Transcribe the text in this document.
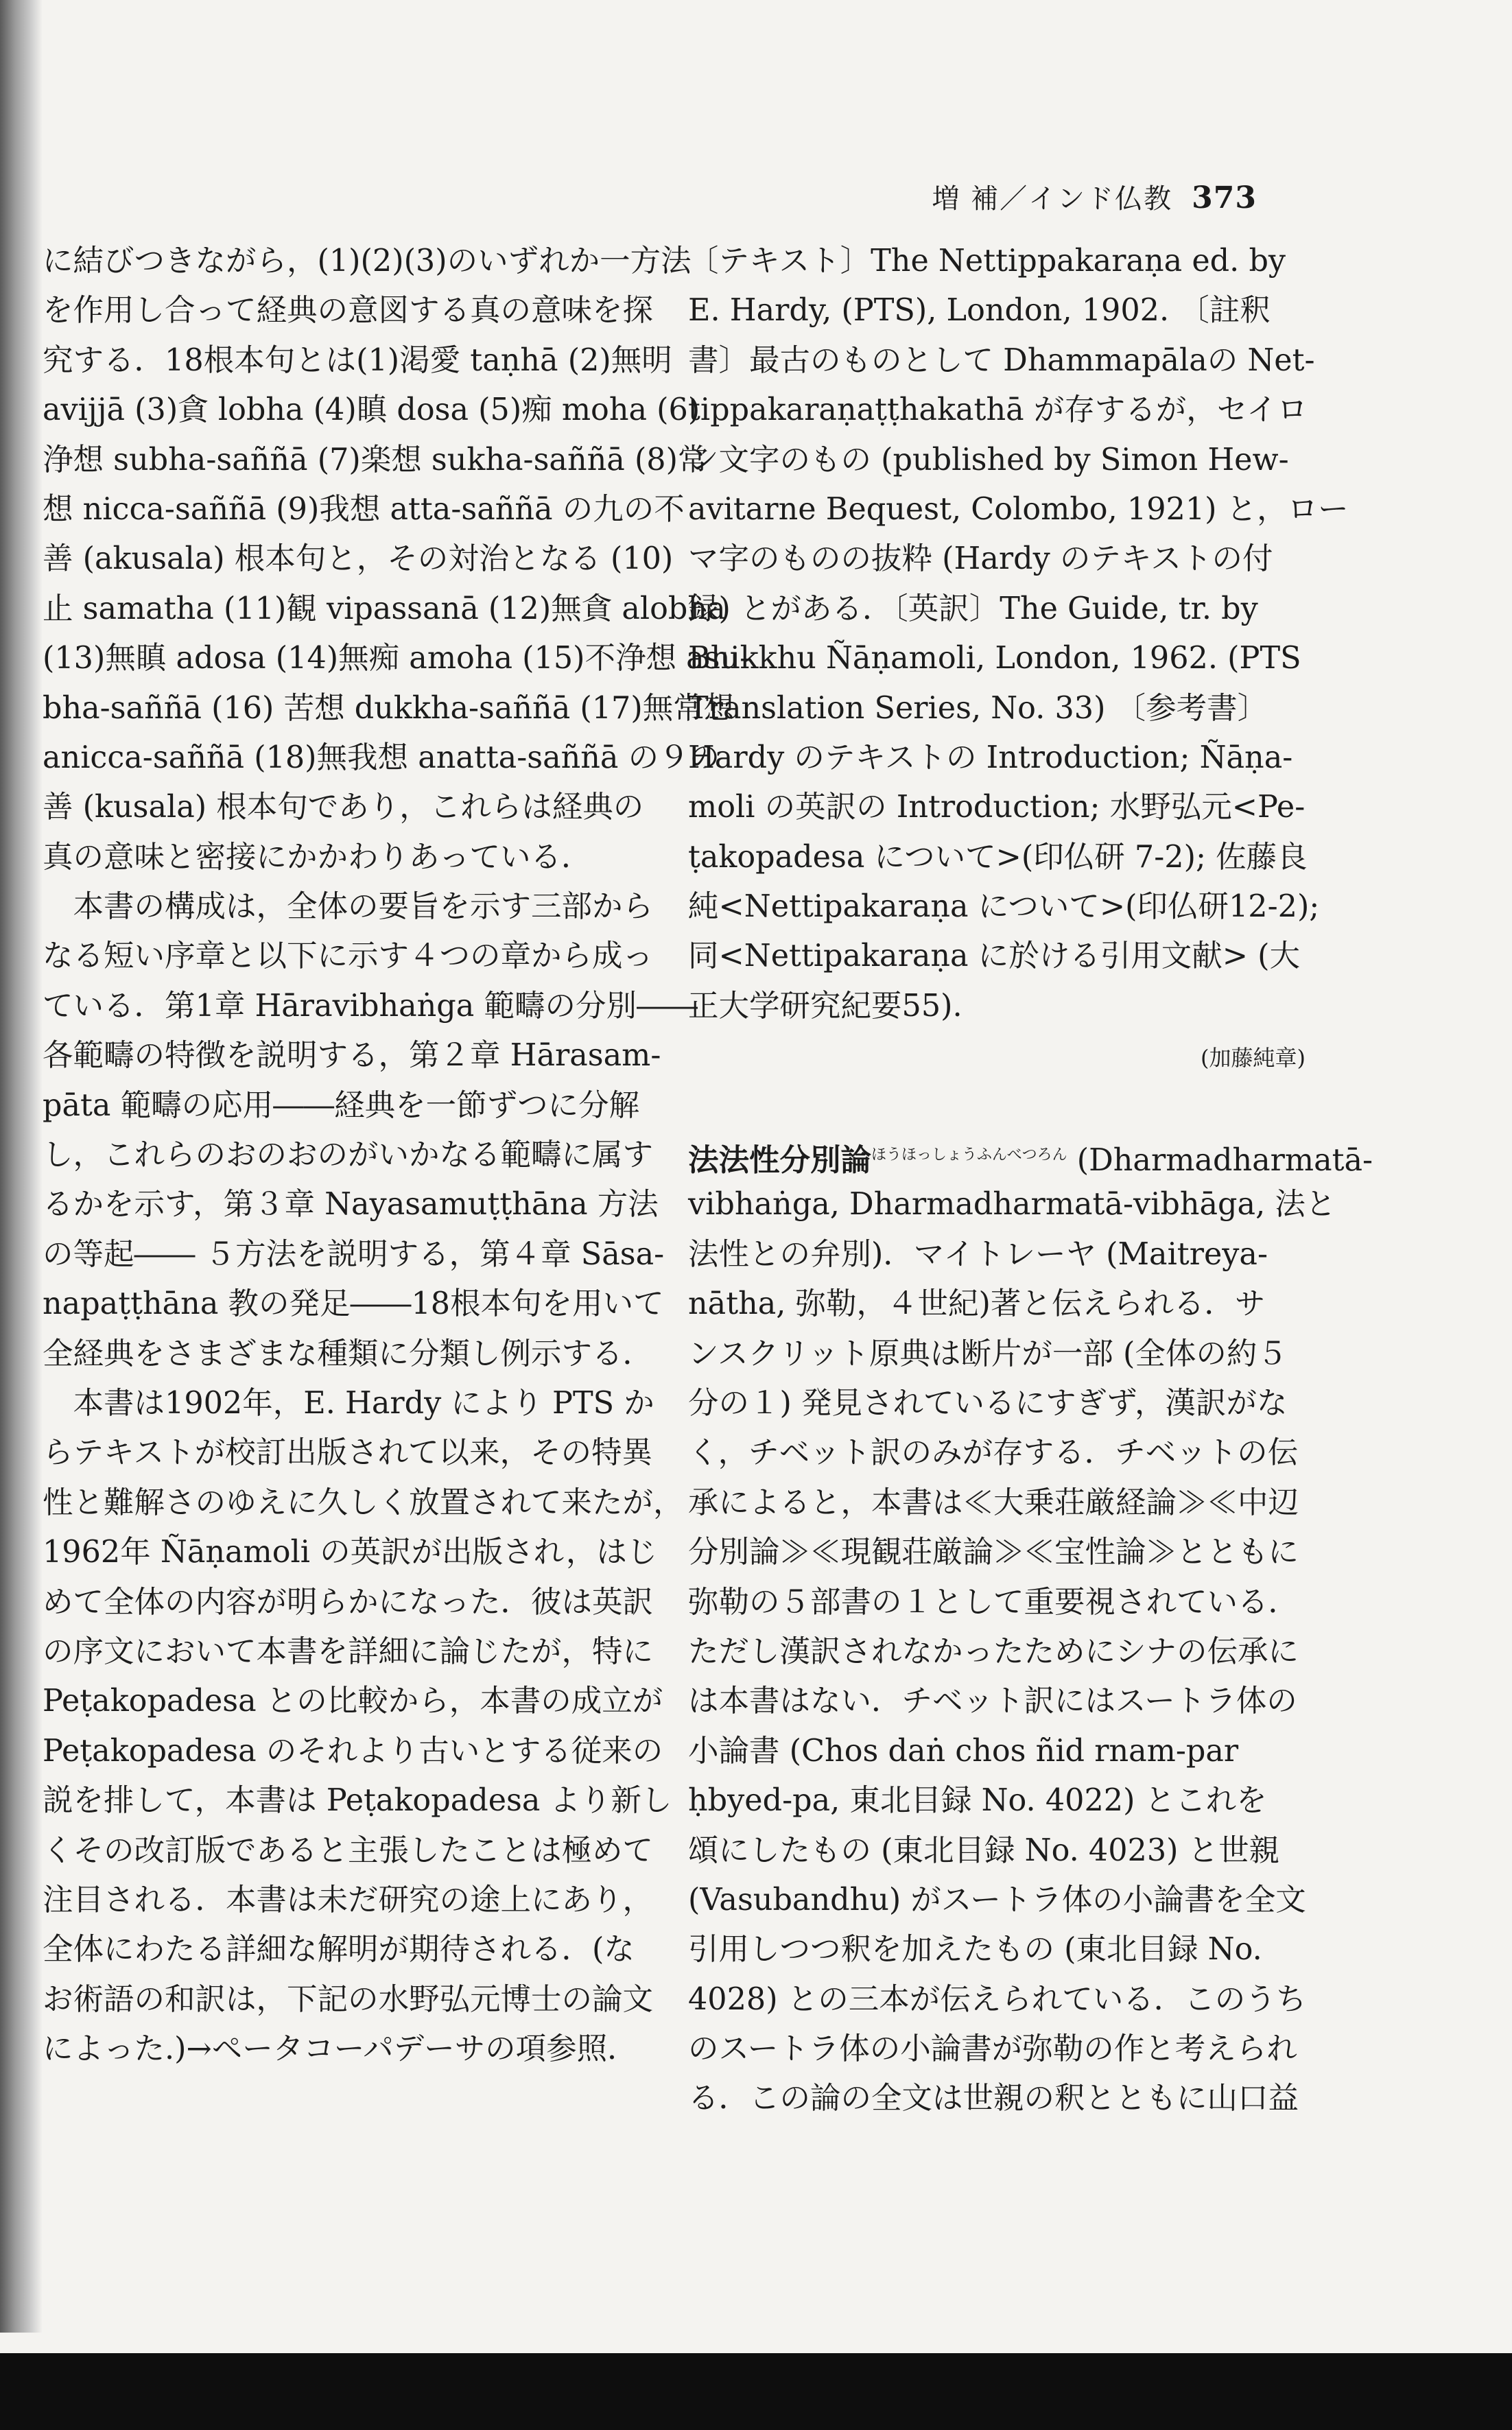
増 補／インド仏教 373
に結びつきながら，(1)(2)(3)のいずれか一方法
を作用し合って経典の意図する真の意味を探
究する．18根本句とは(1)渇愛 taṇhā (2)無明
avijjā (3)貪 lobha (4)瞋 dosa (5)痴 moha (6)
浄想 subha-saññā (7)楽想 sukha-saññā (8)常
想 nicca-saññā (9)我想 atta-saññā の九の不
善 (akusala) 根本句と，その対治となる (10)
止 samatha (11)観 vipassanā (12)無貪 alobha
(13)無瞋 adosa (14)無痴 amoha (15)不浄想 asu-
bha-saññā (16) 苦想 dukkha-saññā (17)無常想
anicca-saññā (18)無我想 anatta-saññā の９の
善 (kusala) 根本句であり，これらは経典の
真の意味と密接にかかわりあっている．
　本書の構成は，全体の要旨を示す三部から
なる短い序章と以下に示す４つの章から成っ
ている．第1章 Hāravibhaṅga 範疇の分別――
各範疇の特徴を説明する，第２章 Hārasam-
pāta 範疇の応用――経典を一節ずつに分解
し，これらのおのおのがいかなる範疇に属す
るかを示す，第３章 Nayasamuṭṭhāna 方法
の等起―― ５方法を説明する，第４章 Sāsa-
napaṭṭhāna 教の発足――18根本句を用いて
全経典をさまざまな種類に分類し例示する．
　本書は1902年，E. Hardy により PTS か
らテキストが校訂出版されて以来，その特異
性と難解さのゆえに久しく放置されて来たが，
1962年 Ñāṇamoli の英訳が出版され，はじ
めて全体の内容が明らかになった．彼は英訳
の序文において本書を詳細に論じたが，特に
Peṭakopadesa との比較から，本書の成立が
Peṭakopadesa のそれより古いとする従来の
説を排して，本書は Peṭakopadesa より新し
くその改訂版であると主張したことは極めて
注目される．本書は未だ研究の途上にあり，
全体にわたる詳細な解明が期待される．(な
お術語の和訳は，下記の水野弘元博士の論文
によった.)→ペータコーパデーサの項参照．
〔テキスト〕The Nettippakaraṇa ed. by
E. Hardy, (PTS), London, 1902. 〔註釈
書〕最古のものとして Dhammapālaの Net-
tippakaraṇaṭṭhakathā が存するが，セイロ
ン文字のもの (published by Simon Hew-
avitarne Bequest, Colombo, 1921) と，ロー
マ字のものの抜粋 (Hardy のテキストの付
録) とがある．〔英訳〕The Guide, tr. by
Bhikkhu Ñāṇamoli, London, 1962. (PTS
Translation Series, No. 33) 〔参考書〕
Hardy のテキストの Introduction; Ñāṇa-
moli の英訳の Introduction; 水野弘元<Pe-
ṭakopadesa について>(印仏研 7-2); 佐藤良
純<Nettipakaraṇa について>(印仏研12-2);
同<Nettipakaraṇa に於ける引用文献> (大
正大学研究紀要55).
(加藤純章)
法法性分別論$^{ほうほっしょうふんべつろん}$ (Dharmadharmatā-
vibhaṅga, Dharmadharmatā-vibhāga, 法と
法性との弁別)．マイトレーヤ (Maitreya-
nātha, 弥勒，４世紀)著と伝えられる．サ
ンスクリット原典は断片が一部 (全体の約５
分の１) 発見されているにすぎず，漢訳がな
く，チベット訳のみが存する．チベットの伝
承によると，本書は≪大乗荘厳経論≫≪中辺
分別論≫≪現観荘厳論≫≪宝性論≫とともに
弥勒の５部書の１として重要視されている．
ただし漢訳されなかったためにシナの伝承に
は本書はない．チベット訳にはスートラ体の
小論書 (Chos daṅ chos ñid rnam-par
ḥbyed-pa, 東北目録 No. 4022) とこれを
頌にしたもの (東北目録 No. 4023) と世親
(Vasubandhu) がスートラ体の小論書を全文
引用しつつ釈を加えたもの (東北目録 No.
4028) との三本が伝えられている．このうち
のスートラ体の小論書が弥勒の作と考えられ
る．この論の全文は世親の釈とともに山口益
